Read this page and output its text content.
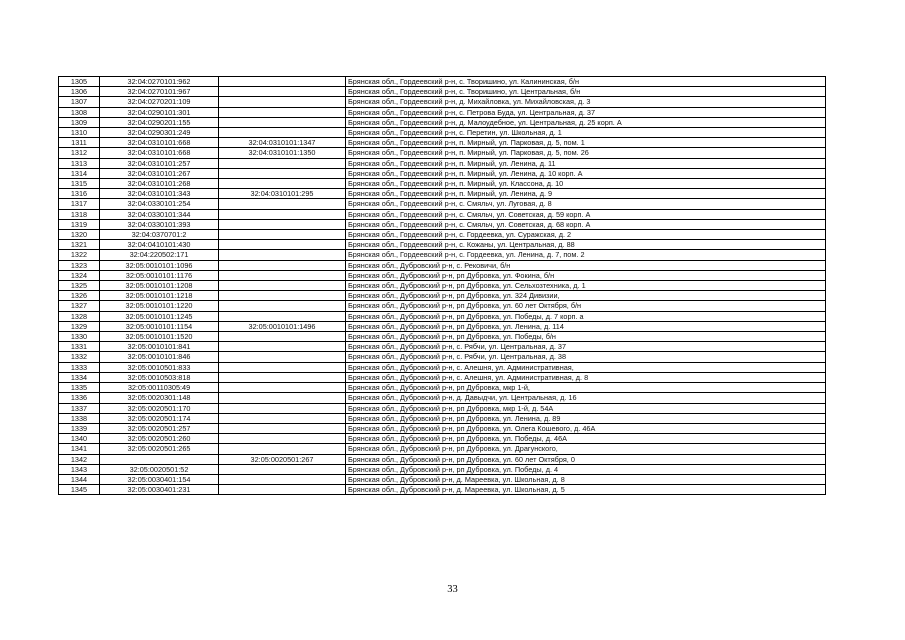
1305	32:04:0270101:962		Брянская обл., Гордеевский р-н, с. Творишино, ул. Калининская, б/н
1306	32:04:0270101:967		Брянская обл., Гордеевский р-н, с. Творишино, ул. Центральная, б/н
1307	32:04:0270201:109		Брянская обл., Гордеевский р-н, д. Михайловка, ул. Михайловская, д. 3
1308	32:04:0290101:301		Брянская обл., Гордеевский р-н, с. Петрова Буда, ул. Центральная, д. 37
1309	32:04:0290201:155		Брянская обл., Гордеевский р-н, д. Малоудебное, ул. Центральная, д. 25 корп. А
1310	32:04:0290301:249		Брянская обл., Гордеевский р-н, с. Перетин, ул. Школьная, д. 1
1311	32:04:0310101:668	32:04:0310101:1347	Брянская обл., Гордеевский р-н, п. Мирный, ул. Парковая, д. 5, пом. 1
1312	32:04:0310101:668	32:04:0310101:1350	Брянская обл., Гордеевский р-н, п. Мирный, ул. Парковая, д. 5, пом. 26
1313	32:04:0310101:257		Брянская обл., Гордеевский р-н, п. Мирный, ул. Ленина, д. 11
1314	32:04:0310101:267		Брянская обл., Гордеевский р-н, п. Мирный, ул. Ленина, д. 10 корп. А
1315	32:04:0310101:268		Брянская обл., Гордеевский р-н, п. Мирный, ул. Классона, д. 10
1316	32:04:0310101:343	32:04:0310101:295	Брянская обл., Гордеевский р-н, п. Мирный, ул. Ленина, д. 9
1317	32:04:0330101:254		Брянская обл., Гордеевский р-н, с. Смяльч, ул. Луговая, д. 8
1318	32:04:0330101:344		Брянская обл., Гордеевский р-н, с. Смяльч, ул. Советская, д. 59 корп. А
1319	32:04:0330101:393		Брянская обл., Гордеевский р-н, с. Смяльч, ул. Советская, д. 68 корп. А
1320	32:04:0370701:2		Брянская обл., Гордеевский р-н, с. Гордеевка, ул. Суражская, д. 2
1321	32:04:0410101:430		Брянская обл., Гордеевский р-н, с. Кожаны, ул. Центральная, д. 88
1322	32:04:220502:171		Брянская обл., Гордеевский р-н, с. Гордеевка, ул. Ленина, д. 7, пом. 2
1323	32:05:0010101:1096		Брянская обл., Дубровский р-н, с. Рековичи, б/н
1324	32:05:0010101:1176		Брянская обл., Дубровский р-н, рп Дубровка, ул. Фокина, б/н
1325	32:05:0010101:1208		Брянская обл., Дубровский р-н, рп Дубровка, ул. Сельхозтехника, д. 1
1326	32:05:0010101:1218		Брянская обл., Дубровский р-н, рп Дубровка, ул. 324 Дивизии,
1327	32:05:0010101:1220		Брянская обл., Дубровский р-н, рп Дубровка, ул. 60 лет Октября, б/н
1328	32:05:0010101:1245		Брянская обл., Дубровский р-н, рп Дубровка, ул. Победы, д. 7 корп. а
1329	32:05:0010101:1154	32:05:0010101:1496	Брянская обл., Дубровский р-н, рп Дубровка, ул. Ленина, д. 114
1330	32:05:0010101:1520		Брянская обл., Дубровский р-н, рп Дубровка, ул. Победы, б/н
1331	32:05:0010101:841		Брянская обл., Дубровский р-н, с. Рябчи, ул. Центральная, д. 37
1332	32:05:0010101:846		Брянская обл., Дубровский р-н, с. Рябчи, ул. Центральная, д. 38
1333	32:05:0010501:833		Брянская обл., Дубровский р-н, с. Алешня, ул. Административная,
1334	32:05:0010503:818		Брянская обл., Дубровский р-н, с. Алешня, ул. Административная, д. 8
1335	32:05:00110305:49		Брянская обл., Дубровский р-н, рп Дубровка, мкр 1-й,
1336	32:05:0020301:148		Брянская обл., Дубровский р-н, д. Давыдчи, ул. Центральная, д. 16
1337	32:05:0020501:170		Брянская обл., Дубровский р-н, рп Дубровка, мкр 1-й, д. 54А
1338	32:05:0020501:174		Брянская обл., Дубровский р-н, рп Дубровка, ул. Ленина, д. 89
1339	32:05:0020501:257		Брянская обл., Дубровский р-н, рп Дубровка, ул. Олега Кошевого, д. 46А
1340	32:05:0020501:260		Брянская обл., Дубровский р-н, рп Дубровка, ул. Победы, д. 46А
1341	32:05:0020501:265		Брянская обл., Дубровский р-н, рп Дубровка, ул. Драгунского,
1342		32:05:0020501:267	Брянская обл., Дубровский р-н, рп Дубровка, ул. 60 лет Октября, 0
1343	32:05:0020501:52		Брянская обл., Дубровский р-н, рп Дубровка, ул. Победы, д. 4
1344	32:05:0030401:154		Брянская обл., Дубровский р-н, д. Мареевка, ул. Школьная, д. 8
1345	32:05:0030401:231		Брянская обл., Дубровский р-н, д. Мареевка, ул. Школьная, д. 5
33
